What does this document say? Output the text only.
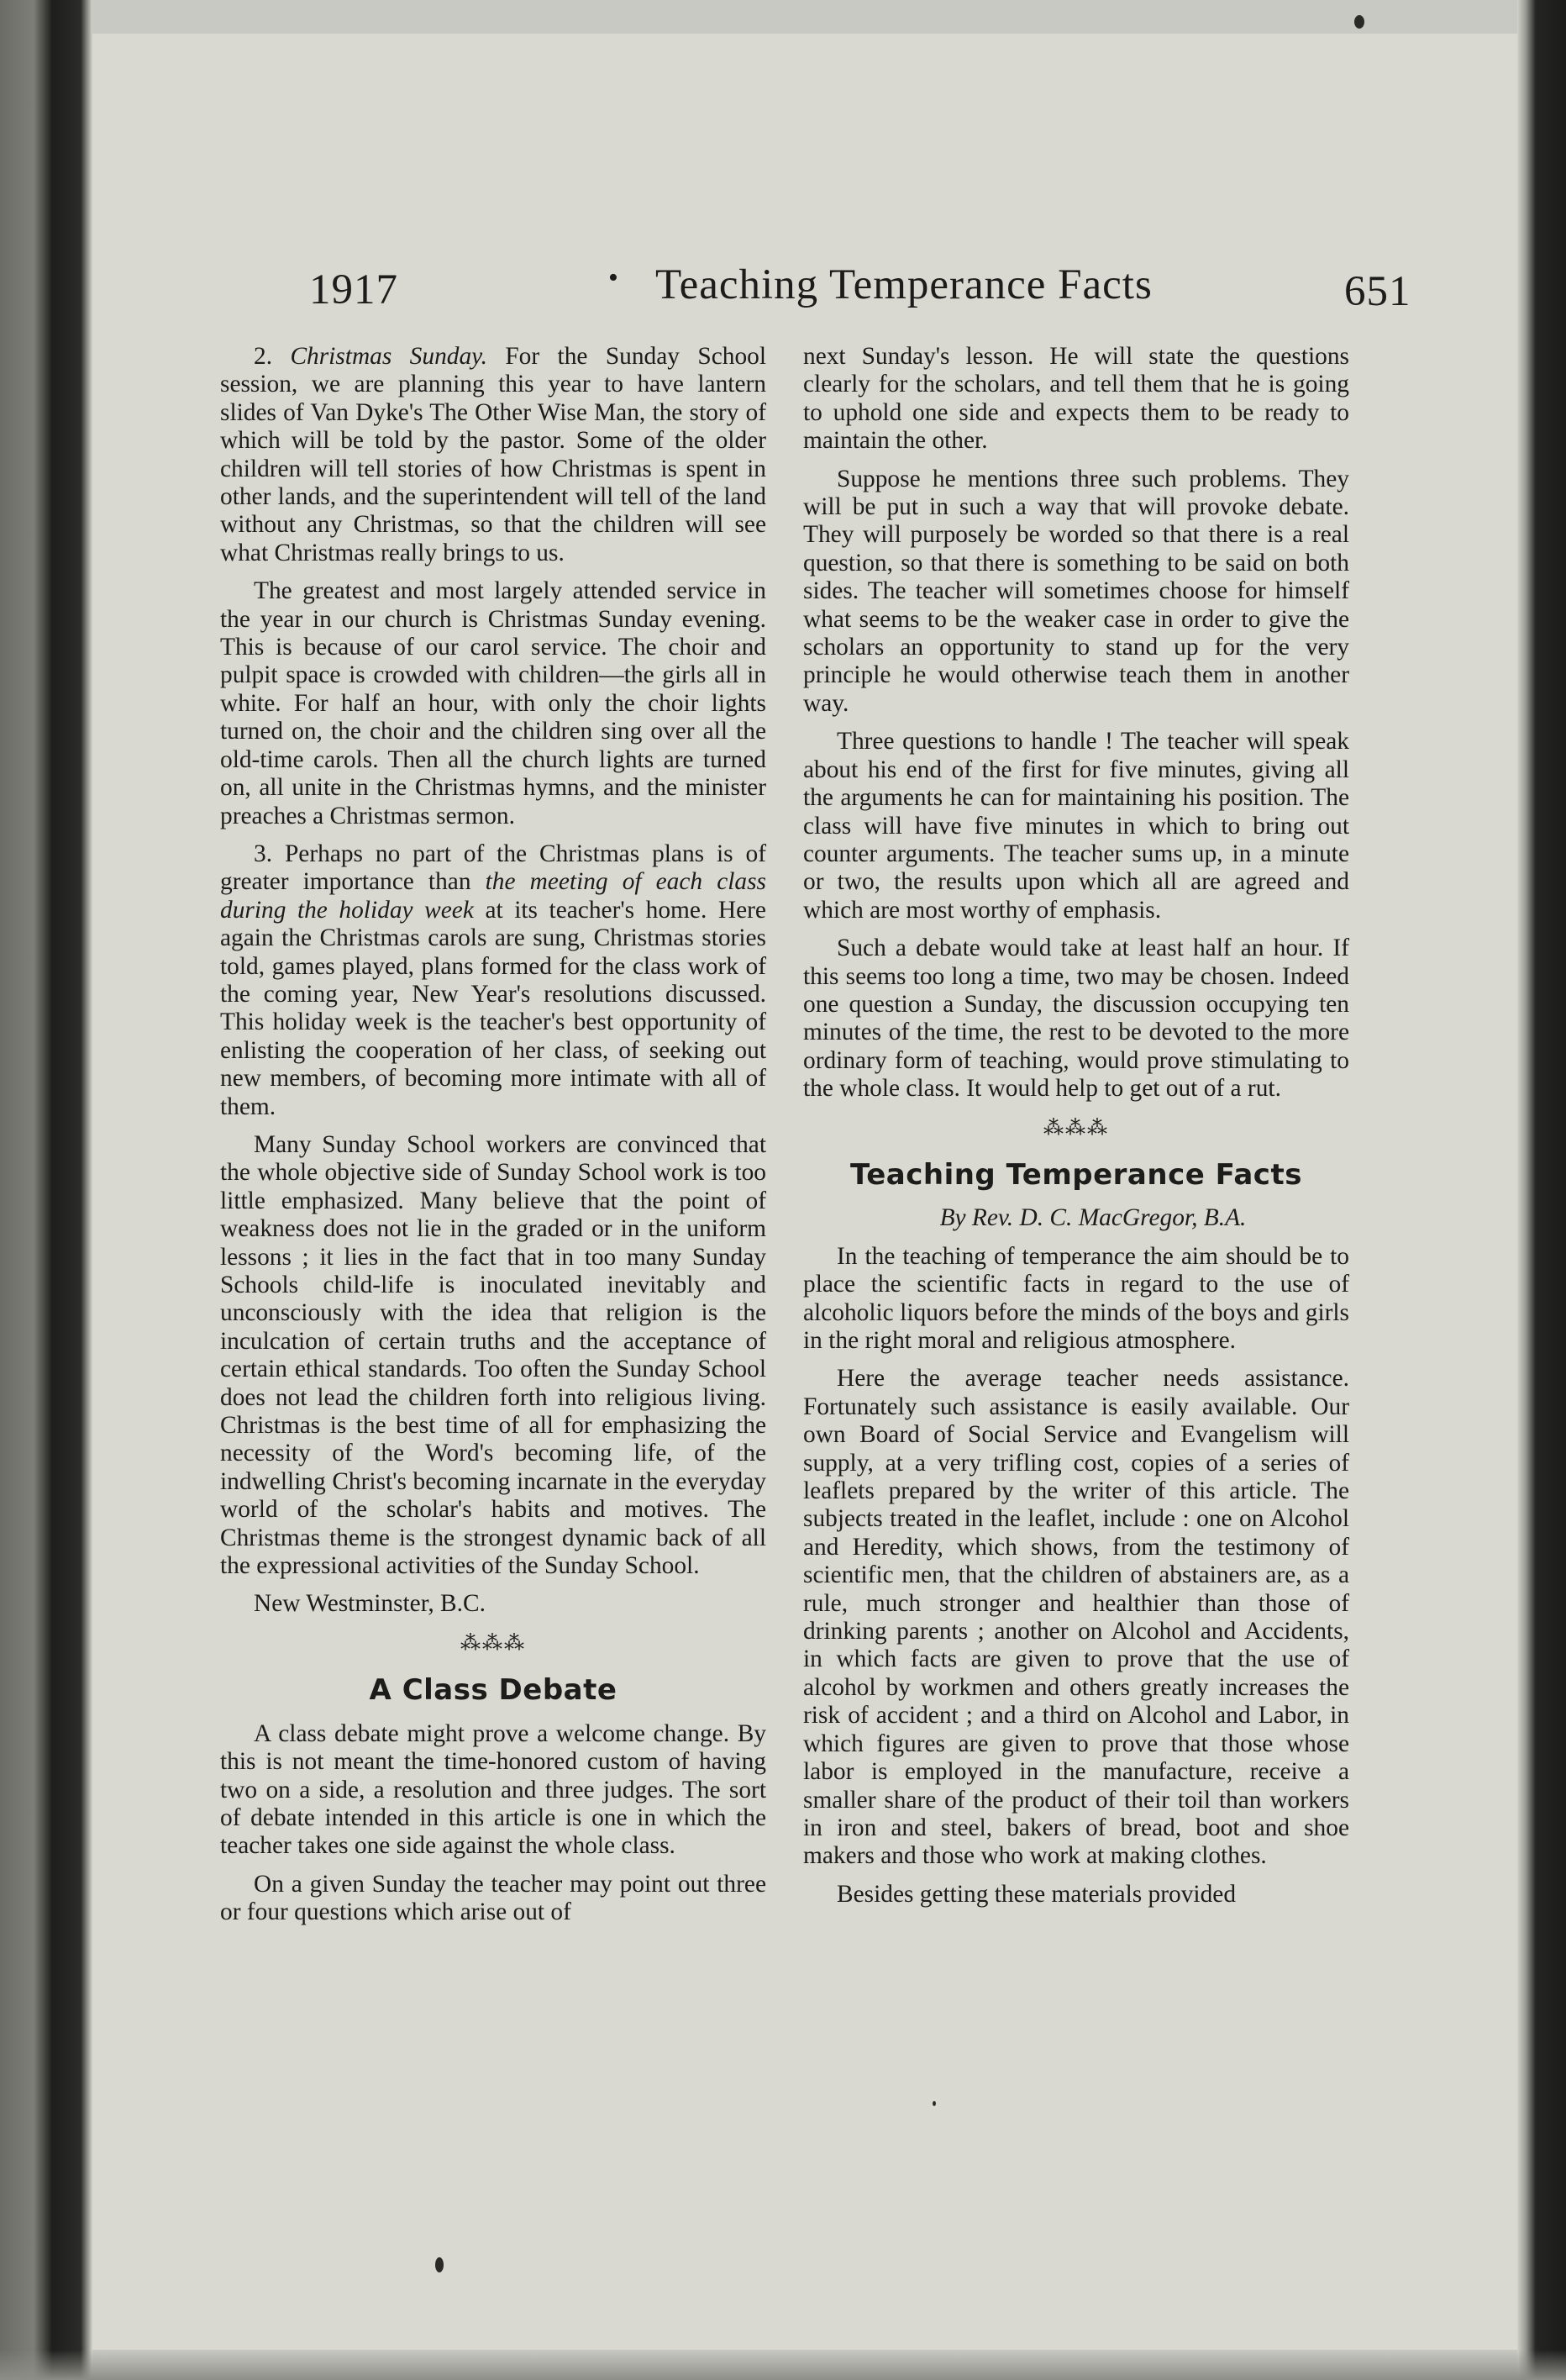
1917	• Teaching Temperance Facts	651

2. Christmas Sunday. For the Sunday School session, we are planning this year to have lantern slides of Van Dyke's The Other Wise Man, the story of which will be told by the pastor. Some of the older children will tell stories of how Christmas is spent in other lands, and the superintendent will tell of the land without any Christmas, so that the children will see what Christmas really brings to us.

The greatest and most largely attended service in the year in our church is Christmas Sunday evening. This is because of our carol service. The choir and pulpit space is crowded with children—the girls all in white. For half an hour, with only the choir lights turned on, the choir and the children sing over all the old-time carols. Then all the church lights are turned on, all unite in the Christmas hymns, and the minister preaches a Christmas sermon.

3. Perhaps no part of the Christmas plans is of greater importance than the meeting of each class during the holiday week at its teacher's home. Here again the Christmas carols are sung, Christmas stories told, games played, plans formed for the class work of the coming year, New Year's resolutions discussed. This holiday week is the teacher's best opportunity of enlisting the cooperation of her class, of seeking out new members, of becoming more intimate with all of them.

Many Sunday School workers are convinced that the whole objective side of Sunday School work is too little emphasized. Many believe that the point of weakness does not lie in the graded or in the uniform lessons ; it lies in the fact that in too many Sunday Schools child-life is inoculated inevitably and unconsciously with the idea that religion is the inculcation of certain truths and the acceptance of certain ethical standards. Too often the Sunday School does not lead the children forth into religious living. Christmas is the best time of all for emphasizing the necessity of the Word's becoming life, of the indwelling Christ's becoming incarnate in the everyday world of the scholar's habits and motives. The Christmas theme is the strongest dynamic back of all the expressional activities of the Sunday School.

New Westminster, B.C.

⁂⁂⁂
A Class Debate

A class debate might prove a welcome change. By this is not meant the time-honored custom of having two on a side, a resolution and three judges. The sort of debate intended in this article is one in which the teacher takes one side against the whole class.

On a given Sunday the teacher may point out three or four questions which arise out of

next Sunday's lesson. He will state the questions clearly for the scholars, and tell them that he is going to uphold one side and expects them to be ready to maintain the other.

Suppose he mentions three such problems. They will be put in such a way that will provoke debate. They will purposely be worded so that there is a real question, so that there is something to be said on both sides. The teacher will sometimes choose for himself what seems to be the weaker case in order to give the scholars an opportunity to stand up for the very principle he would otherwise teach them in another way.

Three questions to handle ! The teacher will speak about his end of the first for five minutes, giving all the arguments he can for maintaining his position. The class will have five minutes in which to bring out counter arguments. The teacher sums up, in a minute or two, the results upon which all are agreed and which are most worthy of emphasis.

Such a debate would take at least half an hour. If this seems too long a time, two may be chosen. Indeed one question a Sunday, the discussion occupying ten minutes of the time, the rest to be devoted to the more ordinary form of teaching, would prove stimulating to the whole class. It would help to get out of a rut.

⁂⁂⁂
Teaching Temperance Facts

By Rev. D. C. MacGregor, B.A.

In the teaching of temperance the aim should be to place the scientific facts in regard to the use of alcoholic liquors before the minds of the boys and girls in the right moral and religious atmosphere.

Here the average teacher needs assistance. Fortunately such assistance is easily available. Our own Board of Social Service and Evangelism will supply, at a very trifling cost, copies of a series of leaflets prepared by the writer of this article. The subjects treated in the leaflet, include : one on Alcohol and Heredity, which shows, from the testimony of scientific men, that the children of abstainers are, as a rule, much stronger and healthier than those of drinking parents ; another on Alcohol and Accidents, in which facts are given to prove that the use of alcohol by workmen and others greatly increases the risk of accident ; and a third on Alcohol and Labor, in which figures are given to prove that those whose labor is employed in the manufacture, receive a smaller share of the product of their toil than workers in iron and steel, bakers of bread, boot and shoe makers and those who work at making clothes.

Besides getting these materials provided
